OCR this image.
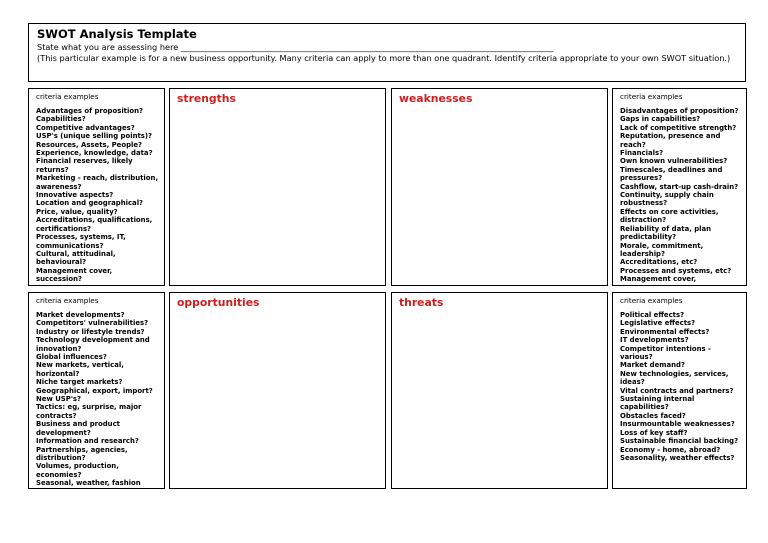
SWOT Analysis Template
State what you are assessing here ___________________________________________________________________________________________
(This particular example is for a new business opportunity. Many criteria can apply to more than one quadrant. Identify criteria appropriate to your own SWOT situation.)
criteria examples
Advantages of proposition?
Capabilities?
Competitive advantages?
USP's (unique selling points)?
Resources, Assets, People?
Experience, knowledge, data?
Financial reserves, likely
returns?
Marketing - reach, distribution,
awareness?
Innovative aspects?
Location and geographical?
Price, value, quality?
Accreditations, qualifications,
certifications?
Processes, systems, IT,
communications?
Cultural, attitudinal,
behavioural?
Management cover,
succession?
strengths	weaknesses	criteria examples
Disadvantages of proposition?
Gaps in capabilities?
Lack of competitive strength?
Reputation, presence and
reach?
Financials?
Own known vulnerabilities?
Timescales, deadlines and
pressures?
Cashflow, start-up cash-drain?
Continuity, supply chain
robustness?
Effects on core activities,
distraction?
Reliability of data, plan
predictability?
Morale, commitment,
leadership?
Accreditations, etc?
Processes and systems, etc?
Management cover,
criteria examples
Market developments?
Competitors' vulnerabilities?
Industry or lifestyle trends?
Technology development and
innovation?
Global influences?
New markets, vertical,
horizontal?
Niche target markets?
Geographical, export, import?
New USP's?
Tactics: eg, surprise, major
contracts?
Business and product
development?
Information and research?
Partnerships, agencies,
distribution?
Volumes, production,
economies?
Seasonal, weather, fashion
opportunities	threats	criteria examples
Political effects?
Legislative effects?
Environmental effects?
IT developments?
Competitor intentions -
various?
Market demand?
New technologies, services,
ideas?
Vital contracts and partners?
Sustaining internal
capabilities?
Obstacles faced?
Insurmountable weaknesses?
Loss of key staff?
Sustainable financial backing?
Economy - home, abroad?
Seasonality, weather effects?
